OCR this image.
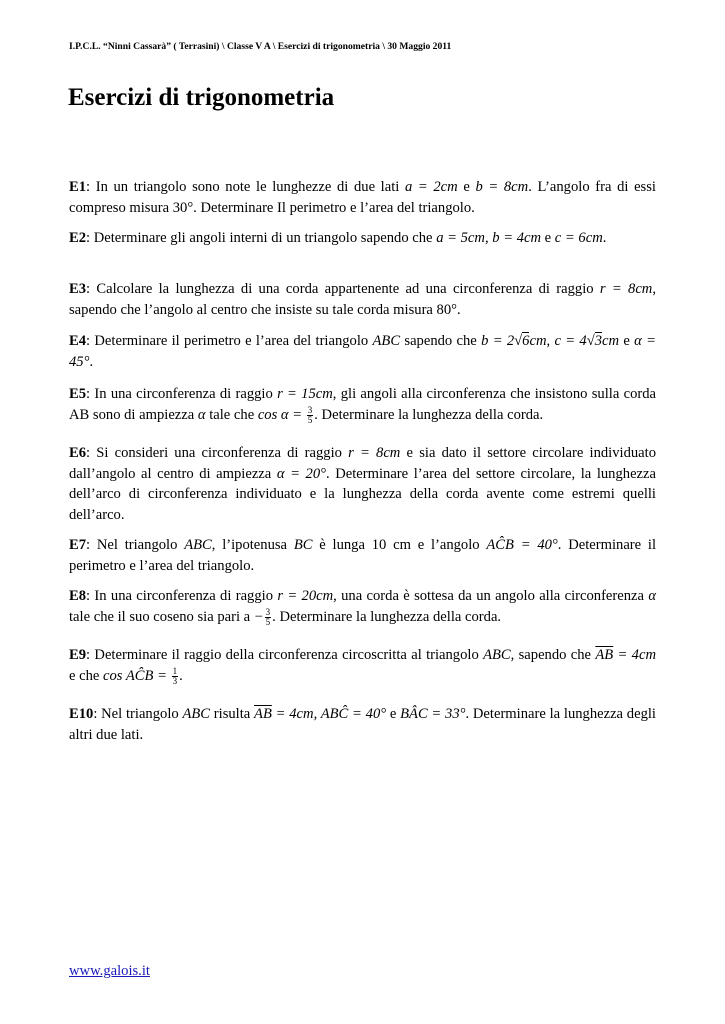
I.P.C.L. “Ninni Cassarà” ( Terrasini) \ Classe V A \ Esercizi di trigonometria \ 30 Maggio 2011
Esercizi di trigonometria

E1: In un triangolo sono note le lunghezze di due lati a = 2cm e b = 8cm. L’angolo fra di essi compreso misura 30°. Determinare Il perimetro e l’area del triangolo.

E2: Determinare gli angoli interni di un triangolo sapendo che a = 5cm, b = 4cm e c = 6cm.

E3: Calcolare la lunghezza di una corda appartenente ad una circonferenza di raggio r = 8cm, sapendo che l’angolo al centro che insiste su tale corda misura 80°.

E4: Determinare il perimetro e l’area del triangolo ABC sapendo che b = 2√6cm, c = 4√3cm e α = 45°.

E5: In una circonferenza di raggio r = 15cm, gli angoli alla circonferenza che insistono sulla corda AB sono di ampiezza α tale che $\cos \alpha = \frac{3}{5}$ . Determinare la lunghezza della corda.

E6: Si consideri una circonferenza di raggio r = 8cm e sia dato il settore circolare individuato dall’angolo al centro di ampiezza α = 20°. Determinare l’area del settore circolare, la lunghezza dell’arco di circonferenza individuato e la lunghezza della corda avente come estremi quelli dell’arco.

E7: Nel triangolo ABC, l’ipotenusa BC è lunga 10 cm e l’angolo AĈB = 40°. Determinare il perimetro e l’area del triangolo.

E8: In una circonferenza di raggio r = 20cm, una corda è sottesa da un angolo alla circonferenza α tale che il suo coseno sia pari $a - \frac{3}{5}$ . Determinare la lunghezza della corda.

E9: Determinare il raggio della circonferenza circoscritta al triangolo ABC, sapendo che $\overline{AB} = 4cm$ e che cos AĈB = $\frac{1}{3}$ .

E10: Nel triangolo ABC risulta $\overline{AB} = 4cm$, ABĈ = 40° e BÂC = 33°. Determinare la lunghezza degli altri due lati.

www.galois.it
